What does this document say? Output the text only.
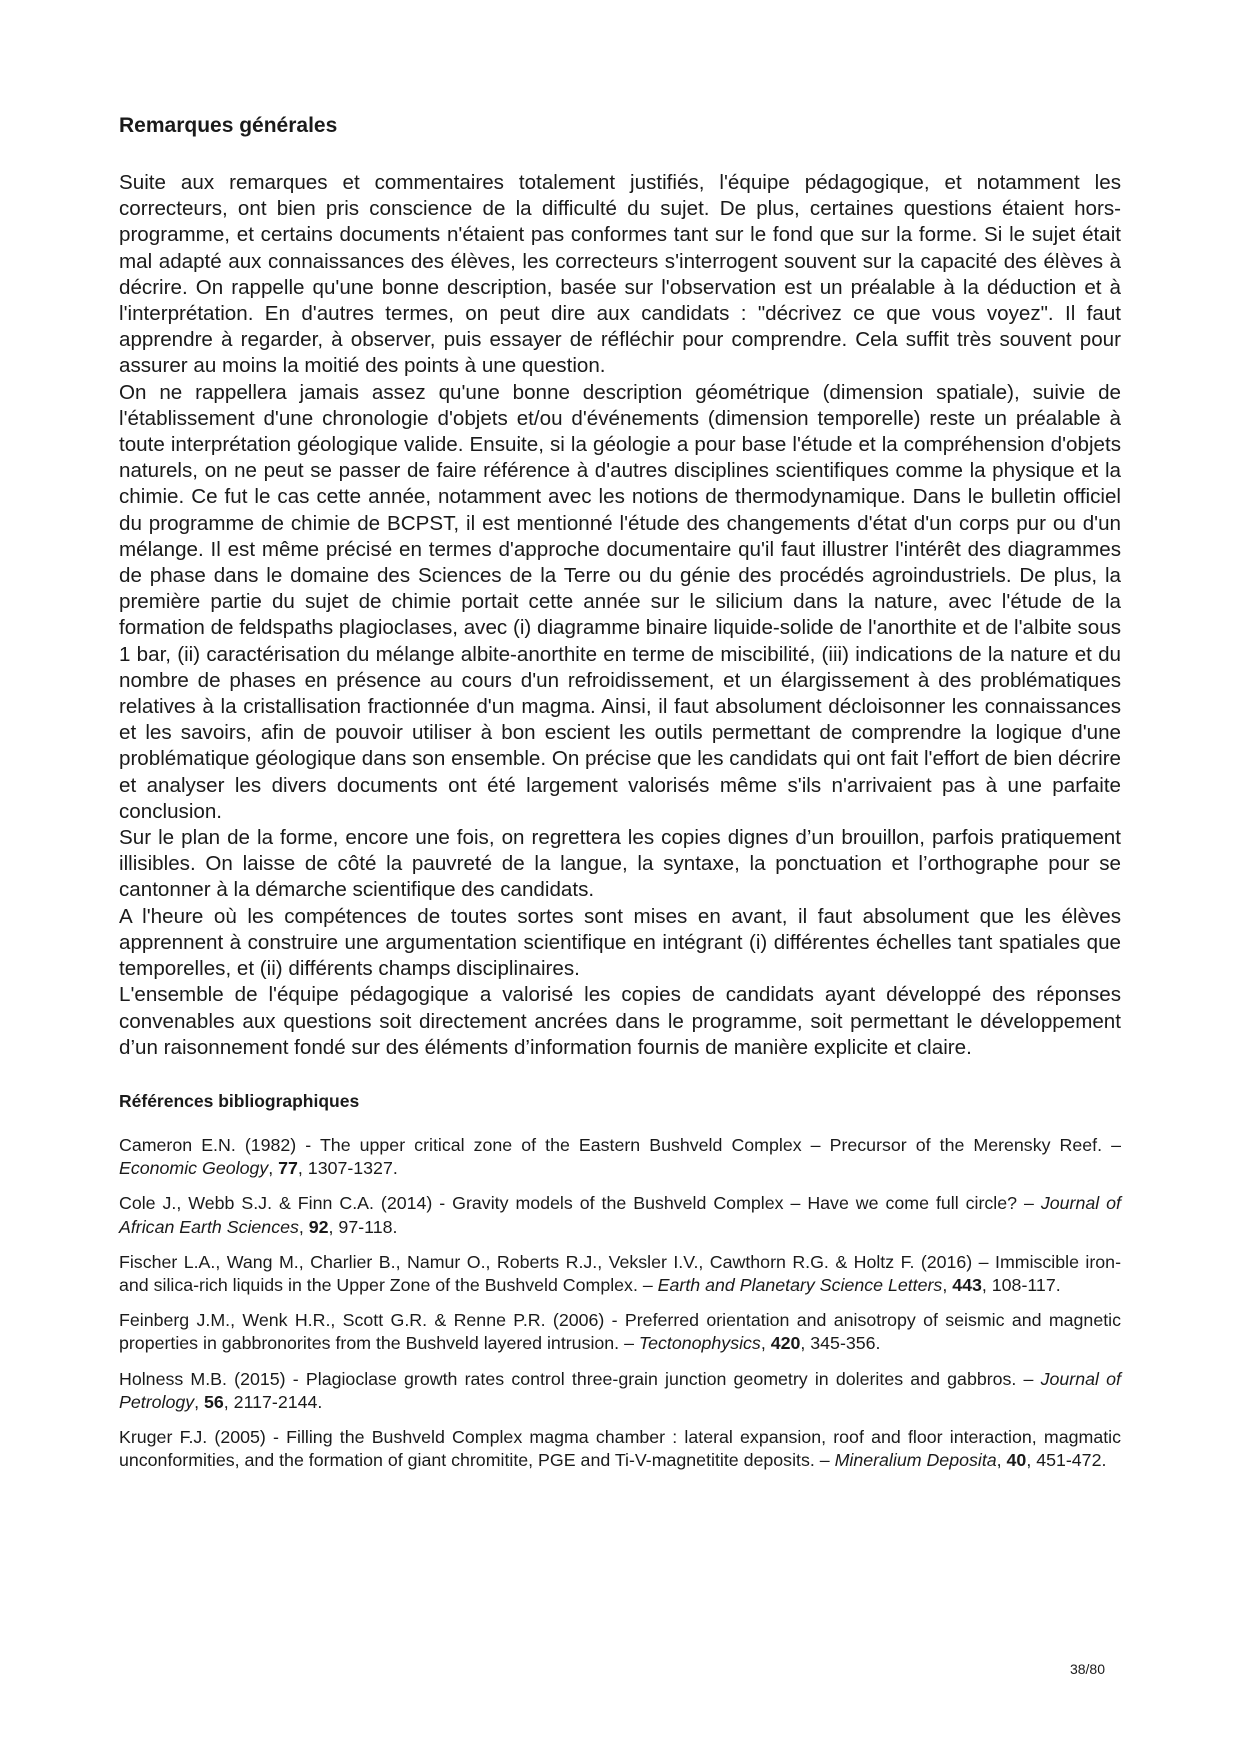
Remarques générales

Suite aux remarques et commentaires totalement justifiés, l'équipe pédagogique, et notamment les correcteurs, ont bien pris conscience de la difficulté du sujet. De plus, certaines questions étaient hors-programme, et certains documents n'étaient pas conformes tant sur le fond que sur la forme. Si le sujet était mal adapté aux connaissances des élèves, les correcteurs s'interrogent souvent sur la capacité des élèves à décrire. On rappelle qu'une bonne description, basée sur l'observation est un préalable à la déduction et à l'interprétation. En d'autres termes, on peut dire aux candidats : "décrivez ce que vous voyez". Il faut apprendre à regarder, à observer, puis essayer de réfléchir pour comprendre. Cela suffit très souvent pour assurer au moins la moitié des points à une question.

On ne rappellera jamais assez qu'une bonne description géométrique (dimension spatiale), suivie de l'établissement d'une chronologie d'objets et/ou d'événements (dimension temporelle) reste un préalable à toute interprétation géologique valide. Ensuite, si la géologie a pour base l'étude et la compréhension d'objets naturels, on ne peut se passer de faire référence à d'autres disciplines scientifiques comme la physique et la chimie. Ce fut le cas cette année, notamment avec les notions de thermodynamique. Dans le bulletin officiel du programme de chimie de BCPST, il est mentionné l'étude des changements d'état d'un corps pur ou d'un mélange. Il est même précisé en termes d'approche documentaire qu'il faut illustrer l'intérêt des diagrammes de phase dans le domaine des Sciences de la Terre ou du génie des procédés agroindustriels. De plus, la première partie du sujet de chimie portait cette année sur le silicium dans la nature, avec l'étude de la formation de feldspaths plagioclases, avec (i) diagramme binaire liquide-solide de l'anorthite et de l'albite sous 1 bar, (ii) caractérisation du mélange albite-anorthite en terme de miscibilité, (iii) indications de la nature et du nombre de phases en présence au cours d'un refroidissement, et un élargissement à des problématiques relatives à la cristallisation fractionnée d'un magma. Ainsi, il faut absolument décloisonner les connaissances et les savoirs, afin de pouvoir utiliser à bon escient les outils permettant de comprendre la logique d'une problématique géologique dans son ensemble. On précise que les candidats qui ont fait l'effort de bien décrire et analyser les divers documents ont été largement valorisés même s'ils n'arrivaient pas à une parfaite conclusion.

Sur le plan de la forme, encore une fois, on regrettera les copies dignes d’un brouillon, parfois pratiquement illisibles. On laisse de côté la pauvreté de la langue, la syntaxe, la ponctuation et l’orthographe pour se cantonner à la démarche scientifique des candidats.

A l'heure où les compétences de toutes sortes sont mises en avant, il faut absolument que les élèves apprennent à construire une argumentation scientifique en intégrant (i) différentes échelles tant spatiales que temporelles, et (ii) différents champs disciplinaires.

L'ensemble de l'équipe pédagogique a valorisé les copies de candidats ayant développé des réponses convenables aux questions soit directement ancrées dans le programme, soit permettant le développement d’un raisonnement fondé sur des éléments d’information fournis de manière explicite et claire.

Références bibliographiques

Cameron E.N. (1982) - The upper critical zone of the Eastern Bushveld Complex – Precursor of the Merensky Reef. – Economic Geology, 77, 1307-1327.

Cole J., Webb S.J. & Finn C.A. (2014) - Gravity models of the Bushveld Complex – Have we come full circle? – Journal of African Earth Sciences, 92, 97-118.

Fischer L.A., Wang M., Charlier B., Namur O., Roberts R.J., Veksler I.V., Cawthorn R.G. & Holtz F. (2016) – Immiscible iron- and silica-rich liquids in the Upper Zone of the Bushveld Complex. – Earth and Planetary Science Letters, 443, 108-117.

Feinberg J.M., Wenk H.R., Scott G.R. & Renne P.R. (2006) - Preferred orientation and anisotropy of seismic and magnetic properties in gabbronorites from the Bushveld layered intrusion. – Tectonophysics, 420, 345-356.

Holness M.B. (2015) - Plagioclase growth rates control three-grain junction geometry in dolerites and gabbros. – Journal of Petrology, 56, 2117-2144.

Kruger F.J. (2005) - Filling the Bushveld Complex magma chamber : lateral expansion, roof and floor interaction, magmatic unconformities, and the formation of giant chromitite, PGE and Ti-V-magnetitite deposits. – Mineralium Deposita, 40, 451-472.

38/80
